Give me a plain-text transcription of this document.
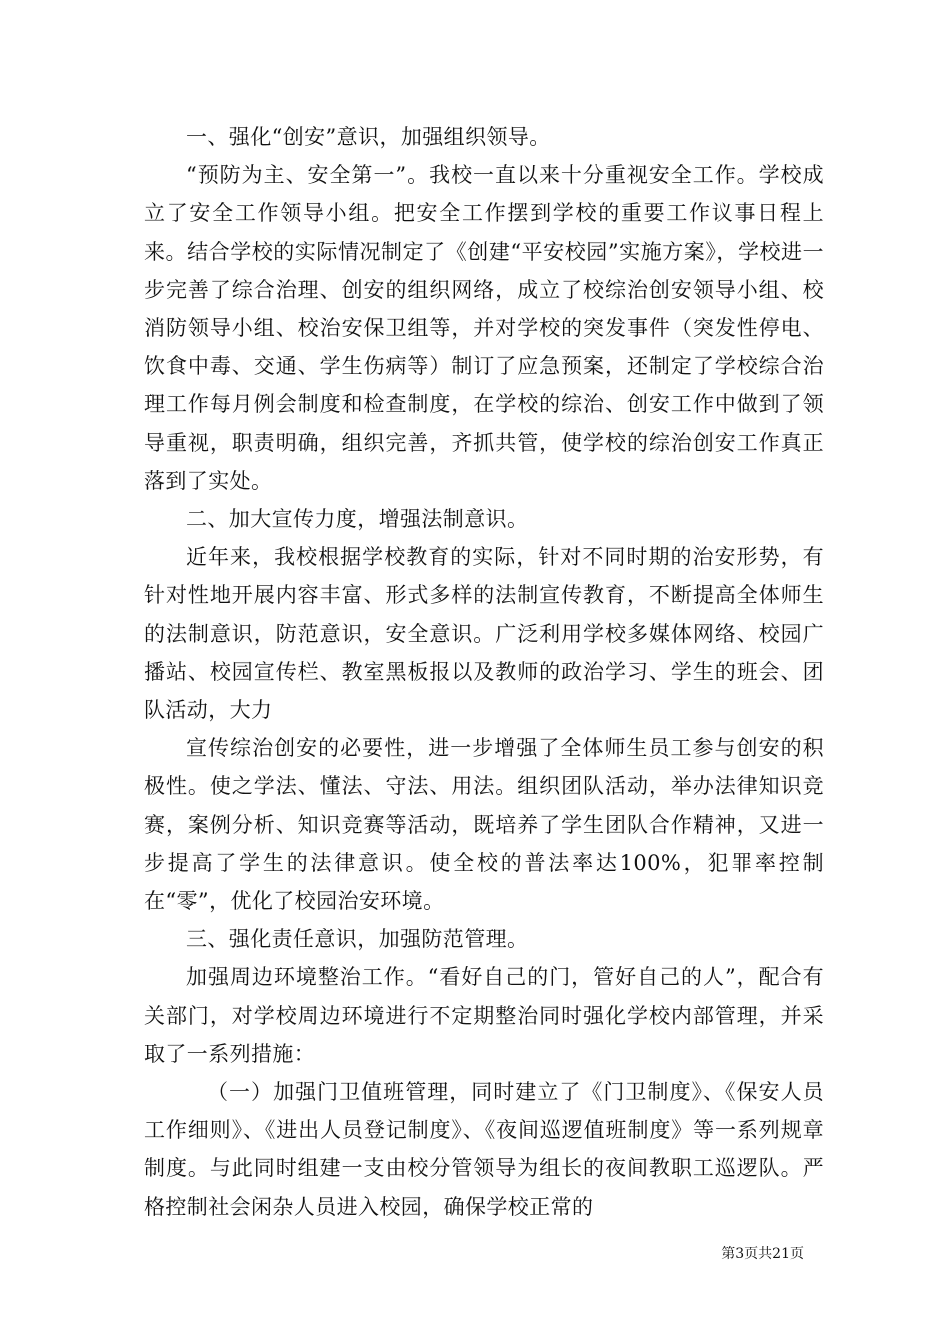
一、强化“创安”意识，加强组织领导。

“预防为主、安全第一”。我校一直以来十分重视安全工作。学校成立了安全工作领导小组。把安全工作摆到学校的重要工作议事日程上来。结合学校的实际情况制定了《创建“平安校园”实施方案》，学校进一步完善了综合治理、创安的组织网络，成立了校综治创安领导小组、校消防领导小组、校治安保卫组等，并对学校的突发事件（突发性停电、饮食中毒、交通、学生伤病等）制订了应急预案，还制定了学校综合治理工作每月例会制度和检查制度，在学校的综治、创安工作中做到了领导重视，职责明确，组织完善，齐抓共管，使学校的综治创安工作真正落到了实处。

二、加大宣传力度，增强法制意识。

近年来，我校根据学校教育的实际，针对不同时期的治安形势，有针对性地开展内容丰富、形式多样的法制宣传教育，不断提高全体师生的法制意识，防范意识，安全意识。广泛利用学校多媒体网络、校园广播站、校园宣传栏、教室黑板报以及教师的政治学习、学生的班会、团队活动，大力

宣传综治创安的必要性，进一步增强了全体师生员工参与创安的积极性。使之学法、懂法、守法、用法。组织团队活动，举办法律知识竞赛，案例分析、知识竞赛等活动，既培养了学生团队合作精神，又进一步提高了学生的法律意识。使全校的普法率达100%，犯罪率控制在“零”，优化了校园治安环境。

三、强化责任意识，加强防范管理。

加强周边环境整治工作。“看好自己的门，管好自己的人”，配合有关部门，对学校周边环境进行不定期整治同时强化学校内部管理，并采取了一系列措施：

（一）加强门卫值班管理，同时建立了《门卫制度》、《保安人员工作细则》、《进出人员登记制度》、《夜间巡逻值班制度》等一系列规章制度。与此同时组建一支由校分管领导为组长的夜间教职工巡逻队。严格控制社会闲杂人员进入校园，确保学校正常的

第3页共21页
